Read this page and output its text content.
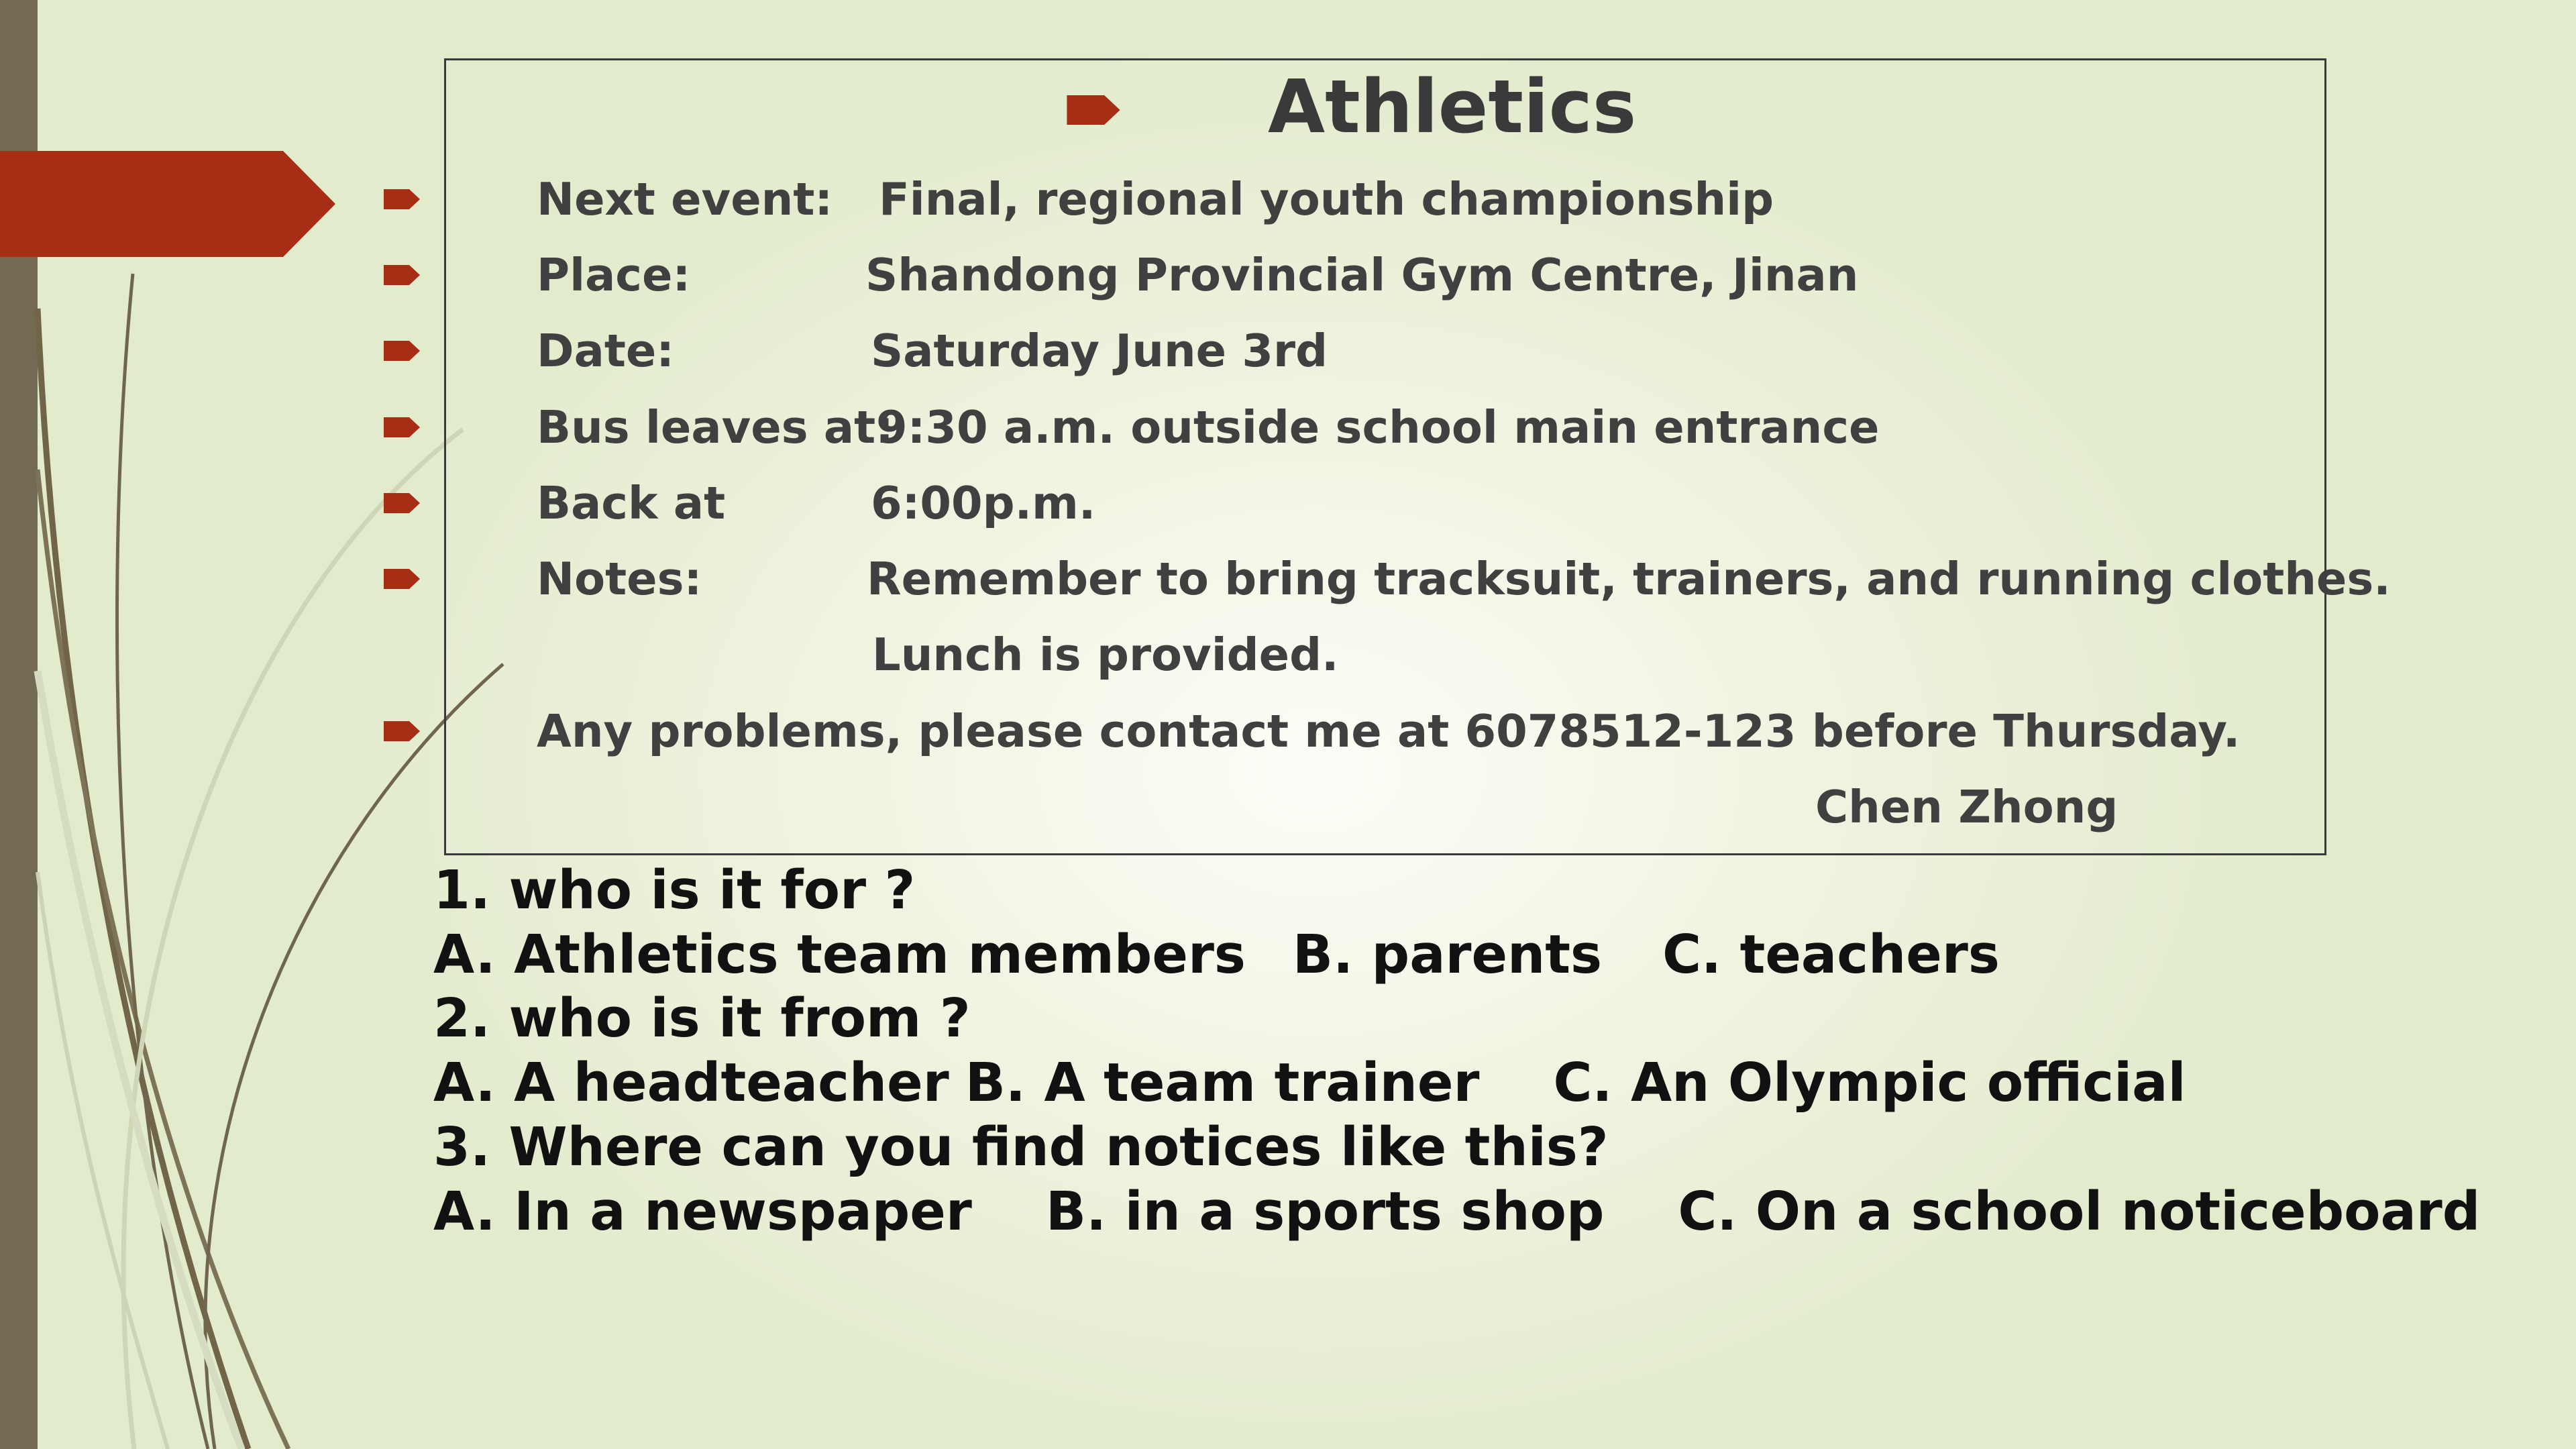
Athletics
Next event: Final, regional youth championship
Place:	Shandong Provincial Gym Centre, Jinan
Date:	Saturday June 3rd
Bus leaves at:
9:30 a.m. outside school main entrance
Back at	6:00p.m.
Notes:	Remember to bring tracksuit, trainers, and running clothes.
Lunch is provided.
Any problems, please contact me at 6078512-123 before Thursday.
Chen Zhong
1. who is it for ?
A. Athletics team members B. parents C. teachers
2. who is it from ?
A. A headteacher B. A team trainer C. An Olympic official
3. Where can you find notices like this?
A. In a newspaper B. in a sports shop C. On a school noticeboard
